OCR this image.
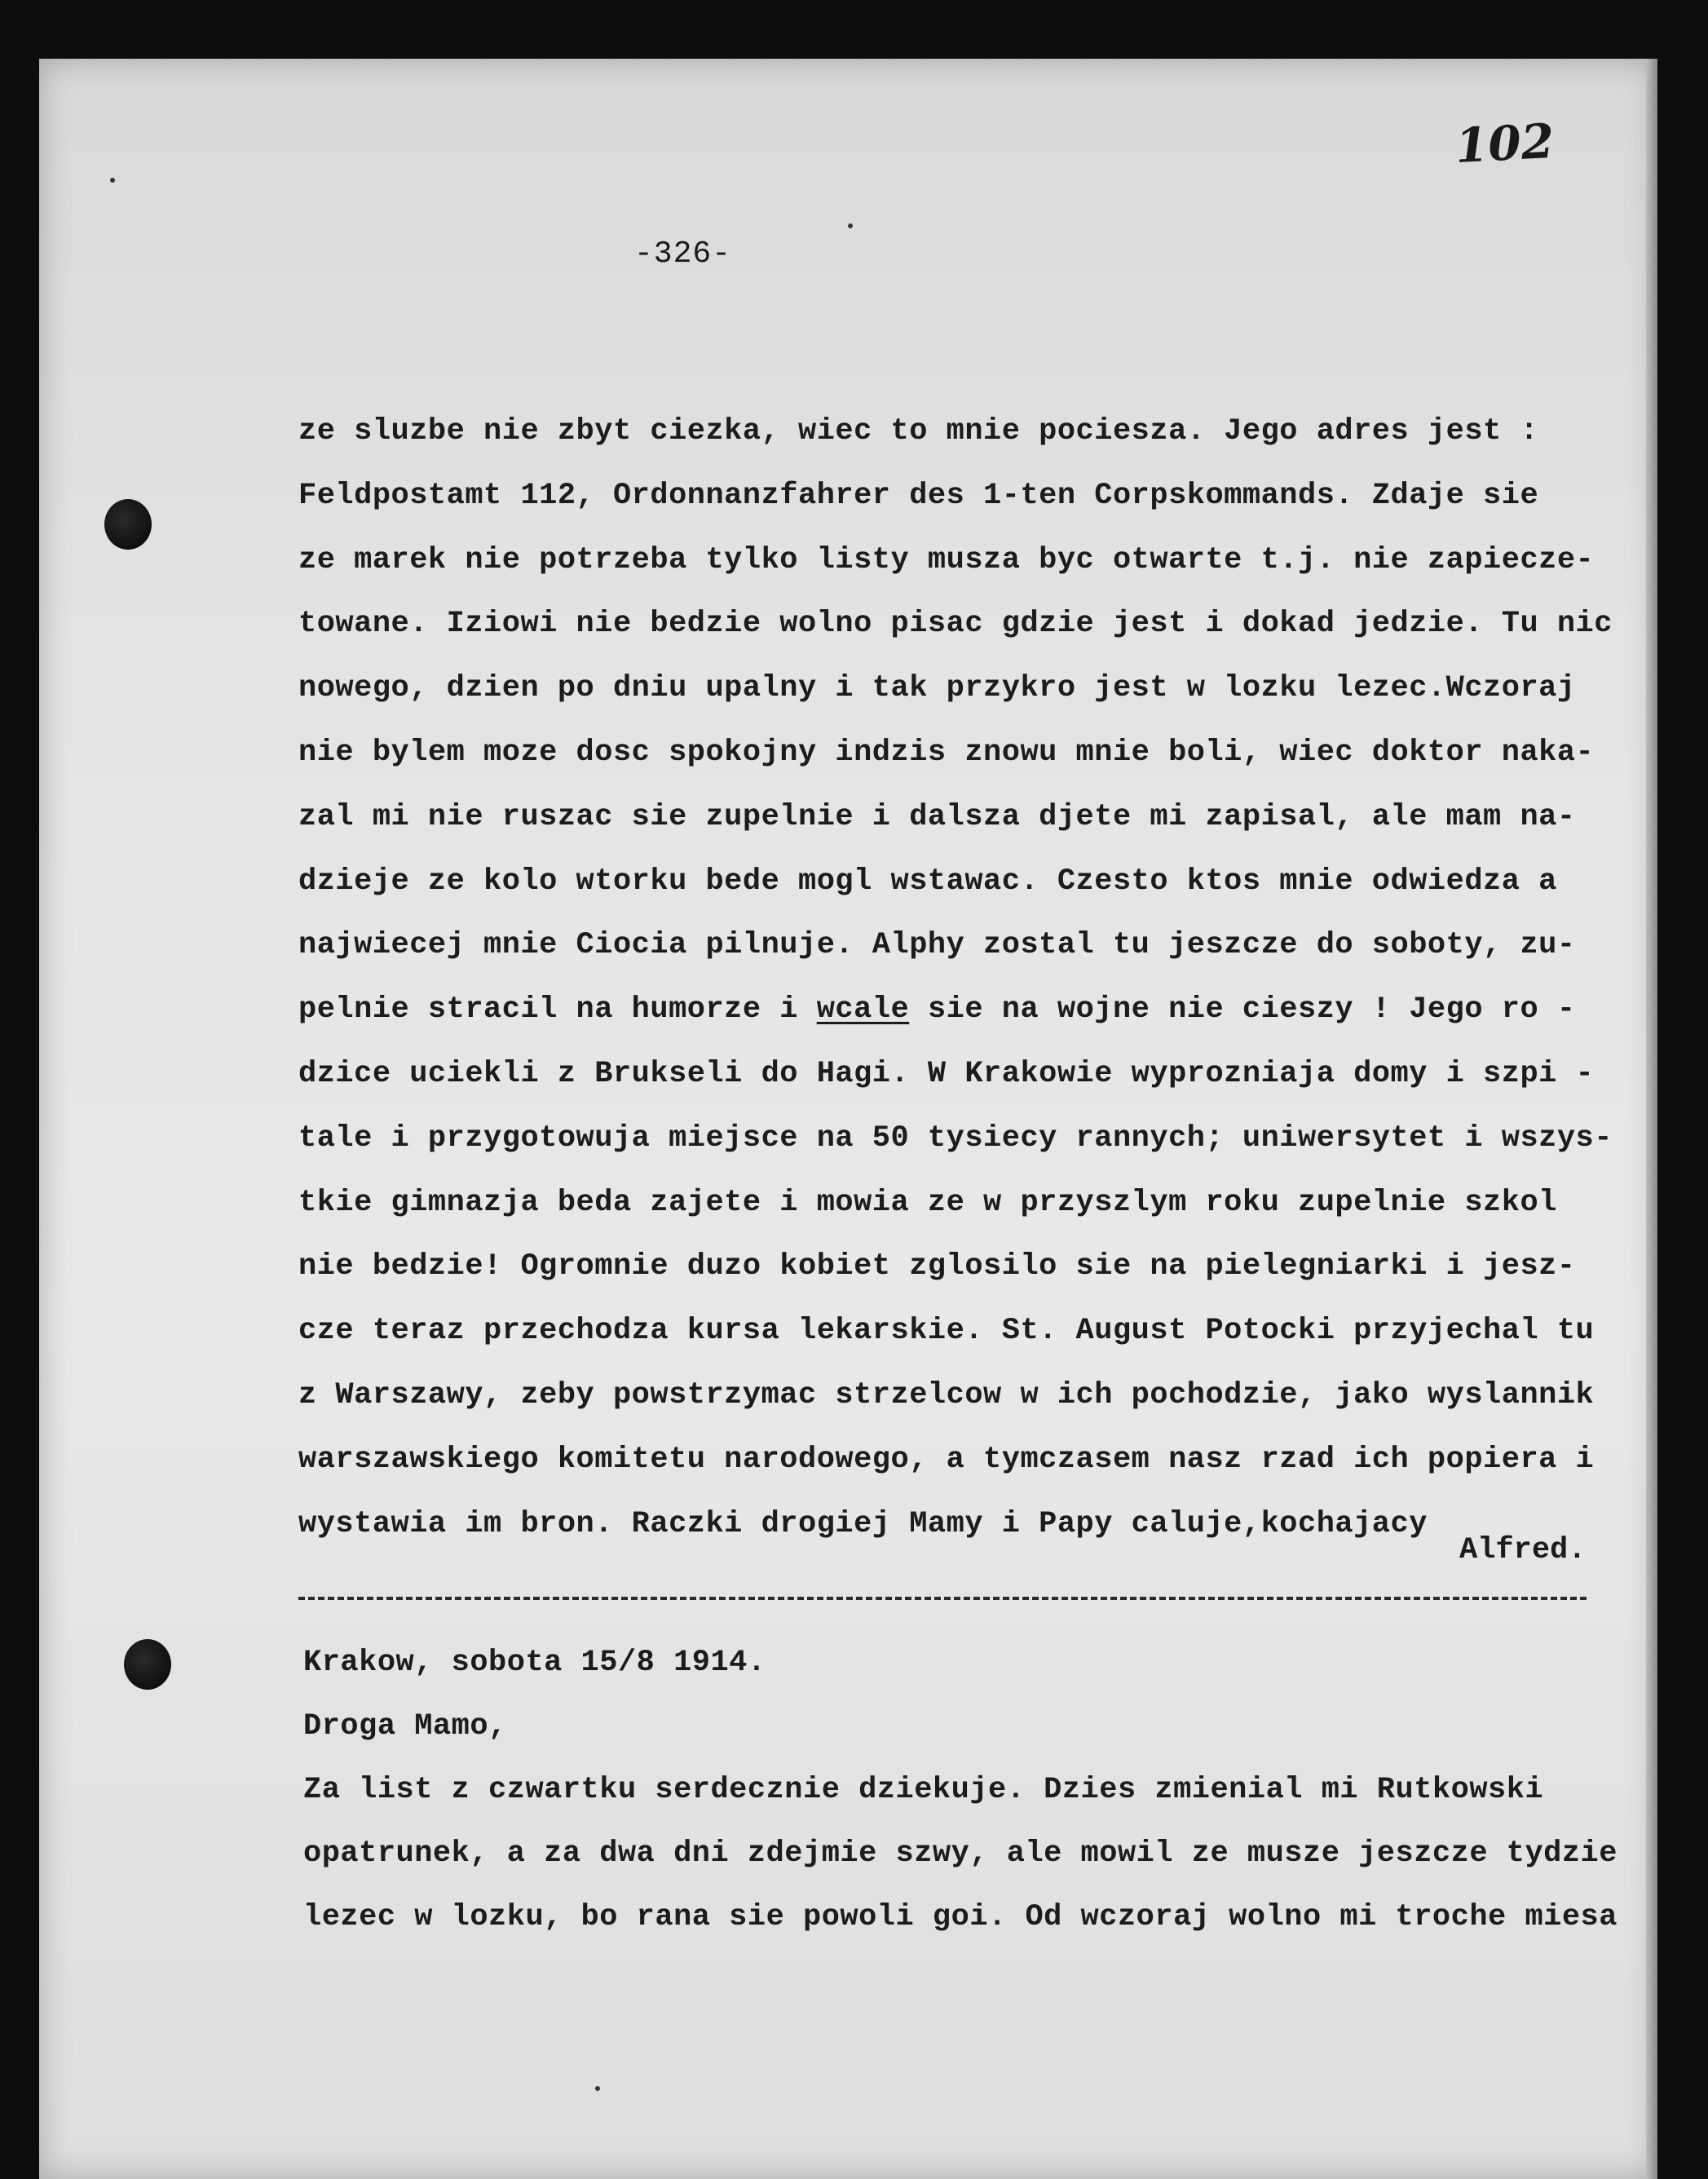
102
-326-
ze sluzbe nie zbyt ciezka, wiec to mnie pociesza. Jego adres jest :
Feldpostamt 112, Ordonnanzfahrer des 1-ten Corpskommands. Zdaje sie
ze marek nie potrzeba tylko listy musza byc otwarte t.j. nie zapiecze-
towane. Iziowi nie bedzie wolno pisac gdzie jest i dokad jedzie. Tu nic
nowego, dzien po dniu upalny i tak przykro jest w lozku lezec.Wczoraj
nie bylem moze dosc spokojny indzis znowu mnie boli, wiec doktor naka-
zal mi nie ruszac sie zupelnie i dalsza djete mi zapisal, ale mam na-
dzieje ze kolo wtorku bede mogl wstawac. Czesto ktos mnie odwiedza a
najwiecej mnie Ciocia pilnuje. Alphy zostal tu jeszcze do soboty, zu-
pelnie stracil na humorze i wcale sie na wojne nie cieszy ! Jego ro -
dzice uciekli z Brukseli do Hagi. W Krakowie wyprozniaja domy i szpi -
tale i przygotowuja miejsce na 50 tysiecy rannych; uniwersytet i wszys-
tkie gimnazja beda zajete i mowia ze w przyszlym roku zupelnie szkol
nie bedzie! Ogromnie duzo kobiet zglosilo sie na pielegniarki i jesz-
cze teraz przechodza kursa lekarskie. St. August Potocki przyjechal tu
z Warszawy, zeby powstrzymac strzelcow w ich pochodzie, jako wyslannik
warszawskiego komitetu narodowego, a tymczasem nasz rzad ich popiera i
wystawia im bron. Raczki drogiej Mamy i Papy caluje,kochajacy
Alfred.
Krakow, sobota 15/8 1914.
Droga Mamo,
Za list z czwartku serdecznie dziekuje. Dzies zmienial mi Rutkowski
opatrunek, a za dwa dni zdejmie szwy, ale mowil ze musze jeszcze tydzie
lezec w lozku, bo rana sie powoli goi. Od wczoraj wolno mi troche miesa
